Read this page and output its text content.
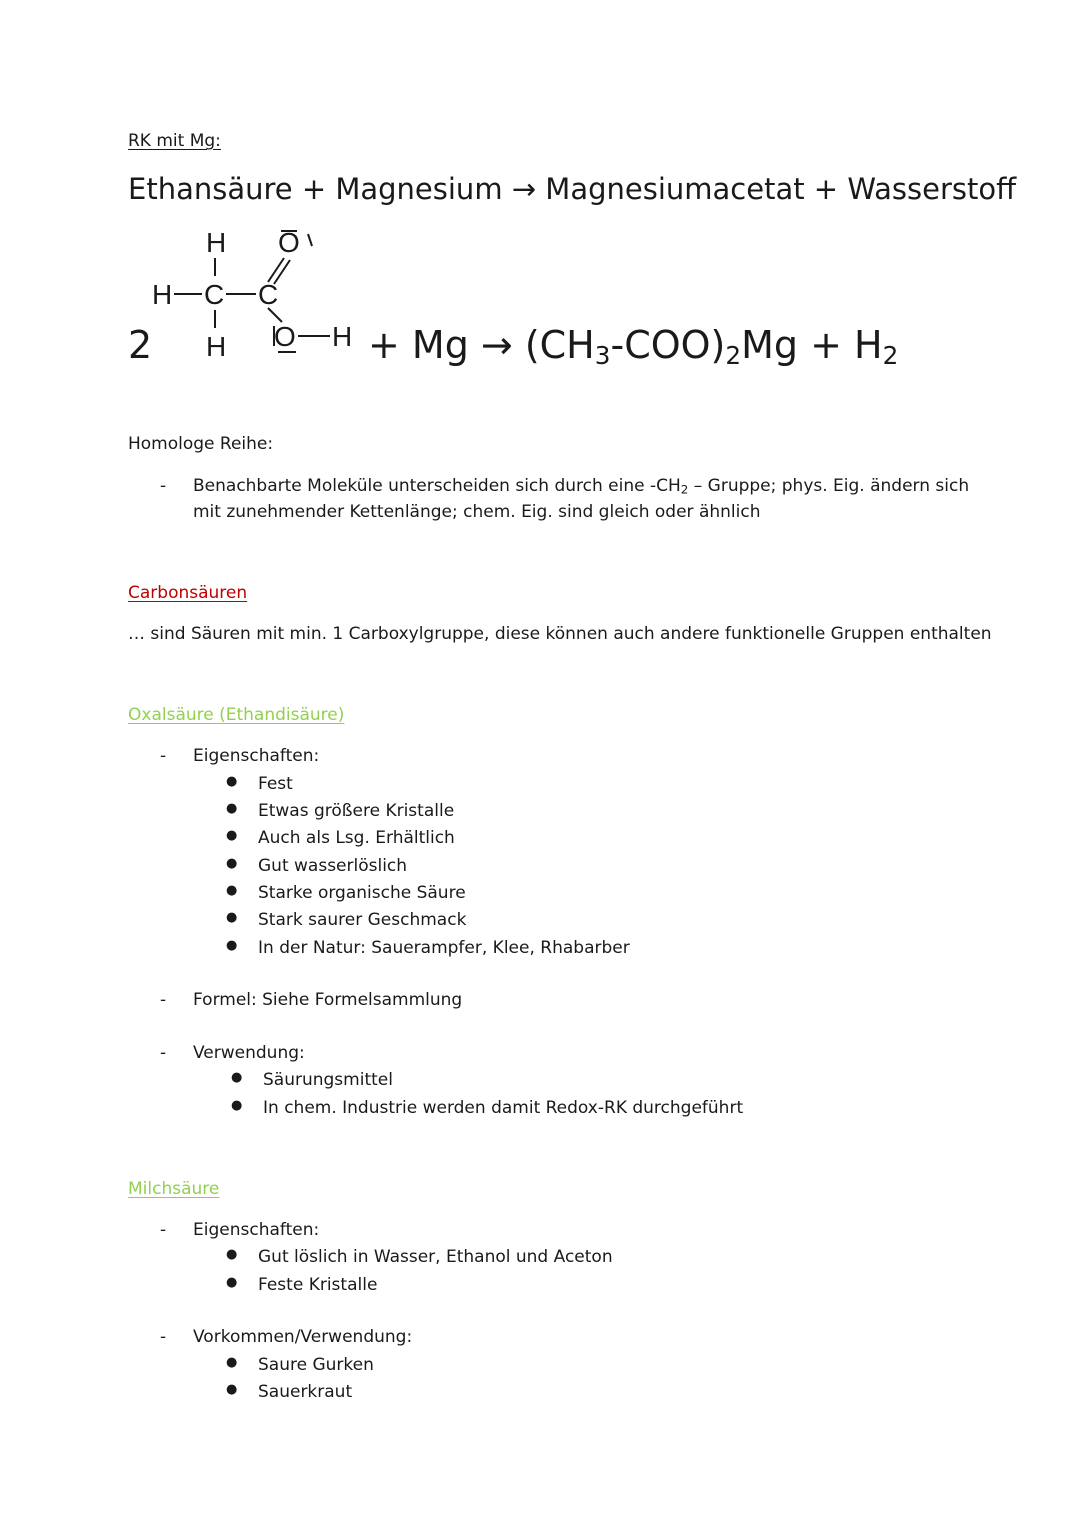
RK mit Mg:
Ethansäure + Magnesium → Magnesiumacetat + Wasserstoff
2
H
H C C
H
O
O $H + Mg \to (CH_3-COO)_2Mg + H_2$
Homologe Reihe:
- Benachbarte Moleküle unterscheiden sich durch eine $-CH_2$ – Gruppe; phys. Eig. ändern sich
mit zunehmender Kettenlänge; chem. Eig. sind gleich oder ähnlich
Carbonsäuren
… sind Säuren mit min. 1 Carboxylgruppe, diese können auch andere funktionelle Gruppen enthalten
Oxalsäure (Ethandisäure)
- Eigenschaften:
● Fest
● Etwas größere Kristalle
● Auch als Lsg. Erhältlich
● Gut wasserlöslich
● Starke organische Säure
● Stark saurer Geschmack
● In der Natur: Sauerampfer, Klee, Rhabarber
- Formel: Siehe Formelsammlung
- Verwendung:
● Säurungsmittel
● In chem. Industrie werden damit Redox-RK durchgeführt
Milchsäure
- Eigenschaften:
● Gut löslich in Wasser, Ethanol und Aceton
● Feste Kristalle
- Vorkommen/Verwendung:
● Saure Gurken
● Sauerkraut
